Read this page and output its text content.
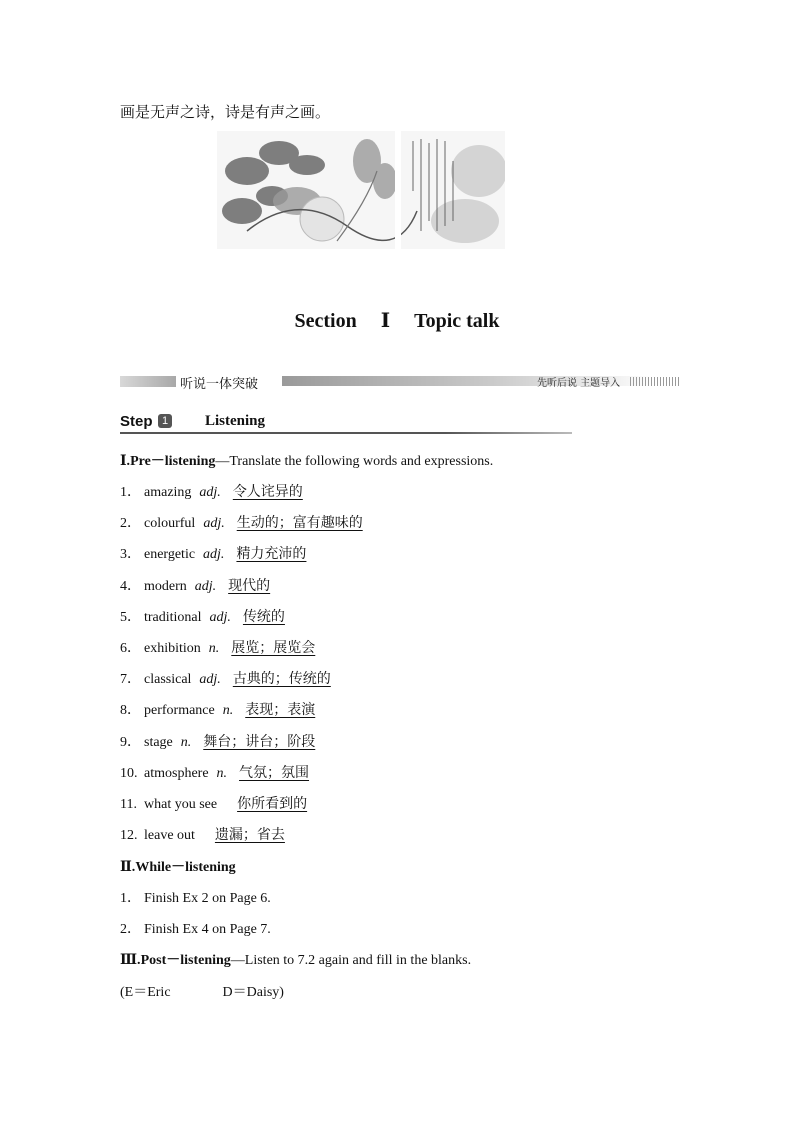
画是无声之诗，诗是有声之画。
Section Ⅰ Topic talk
听说一体突破	先听后说 主题导入
Step 1 Listening
Ⅰ.Pre－listening—Translate the following words and expressions.
1． amazing adj. 令人诧异的
2． colourful adj. 生动的；富有趣味的
3． energetic adj. 精力充沛的
4． modern adj. 现代的
5． traditional adj. 传统的
6． exhibition n. 展览；展览会
7． classical adj. 古典的；传统的
8． performance n. 表现；表演
9． stage n. 舞台；讲台；阶段
10. atmosphere n. 气氛；氛围
11. what you see 你所看到的
12. leave out 遗漏；省去
Ⅱ.While－listening
1． Finish Ex 2 on Page 6.
2． Finish Ex 4 on Page 7.
Ⅲ.Post－listening—Listen to 7.2 again and fill in the blanks.
(E＝Eric	D＝Daisy)
